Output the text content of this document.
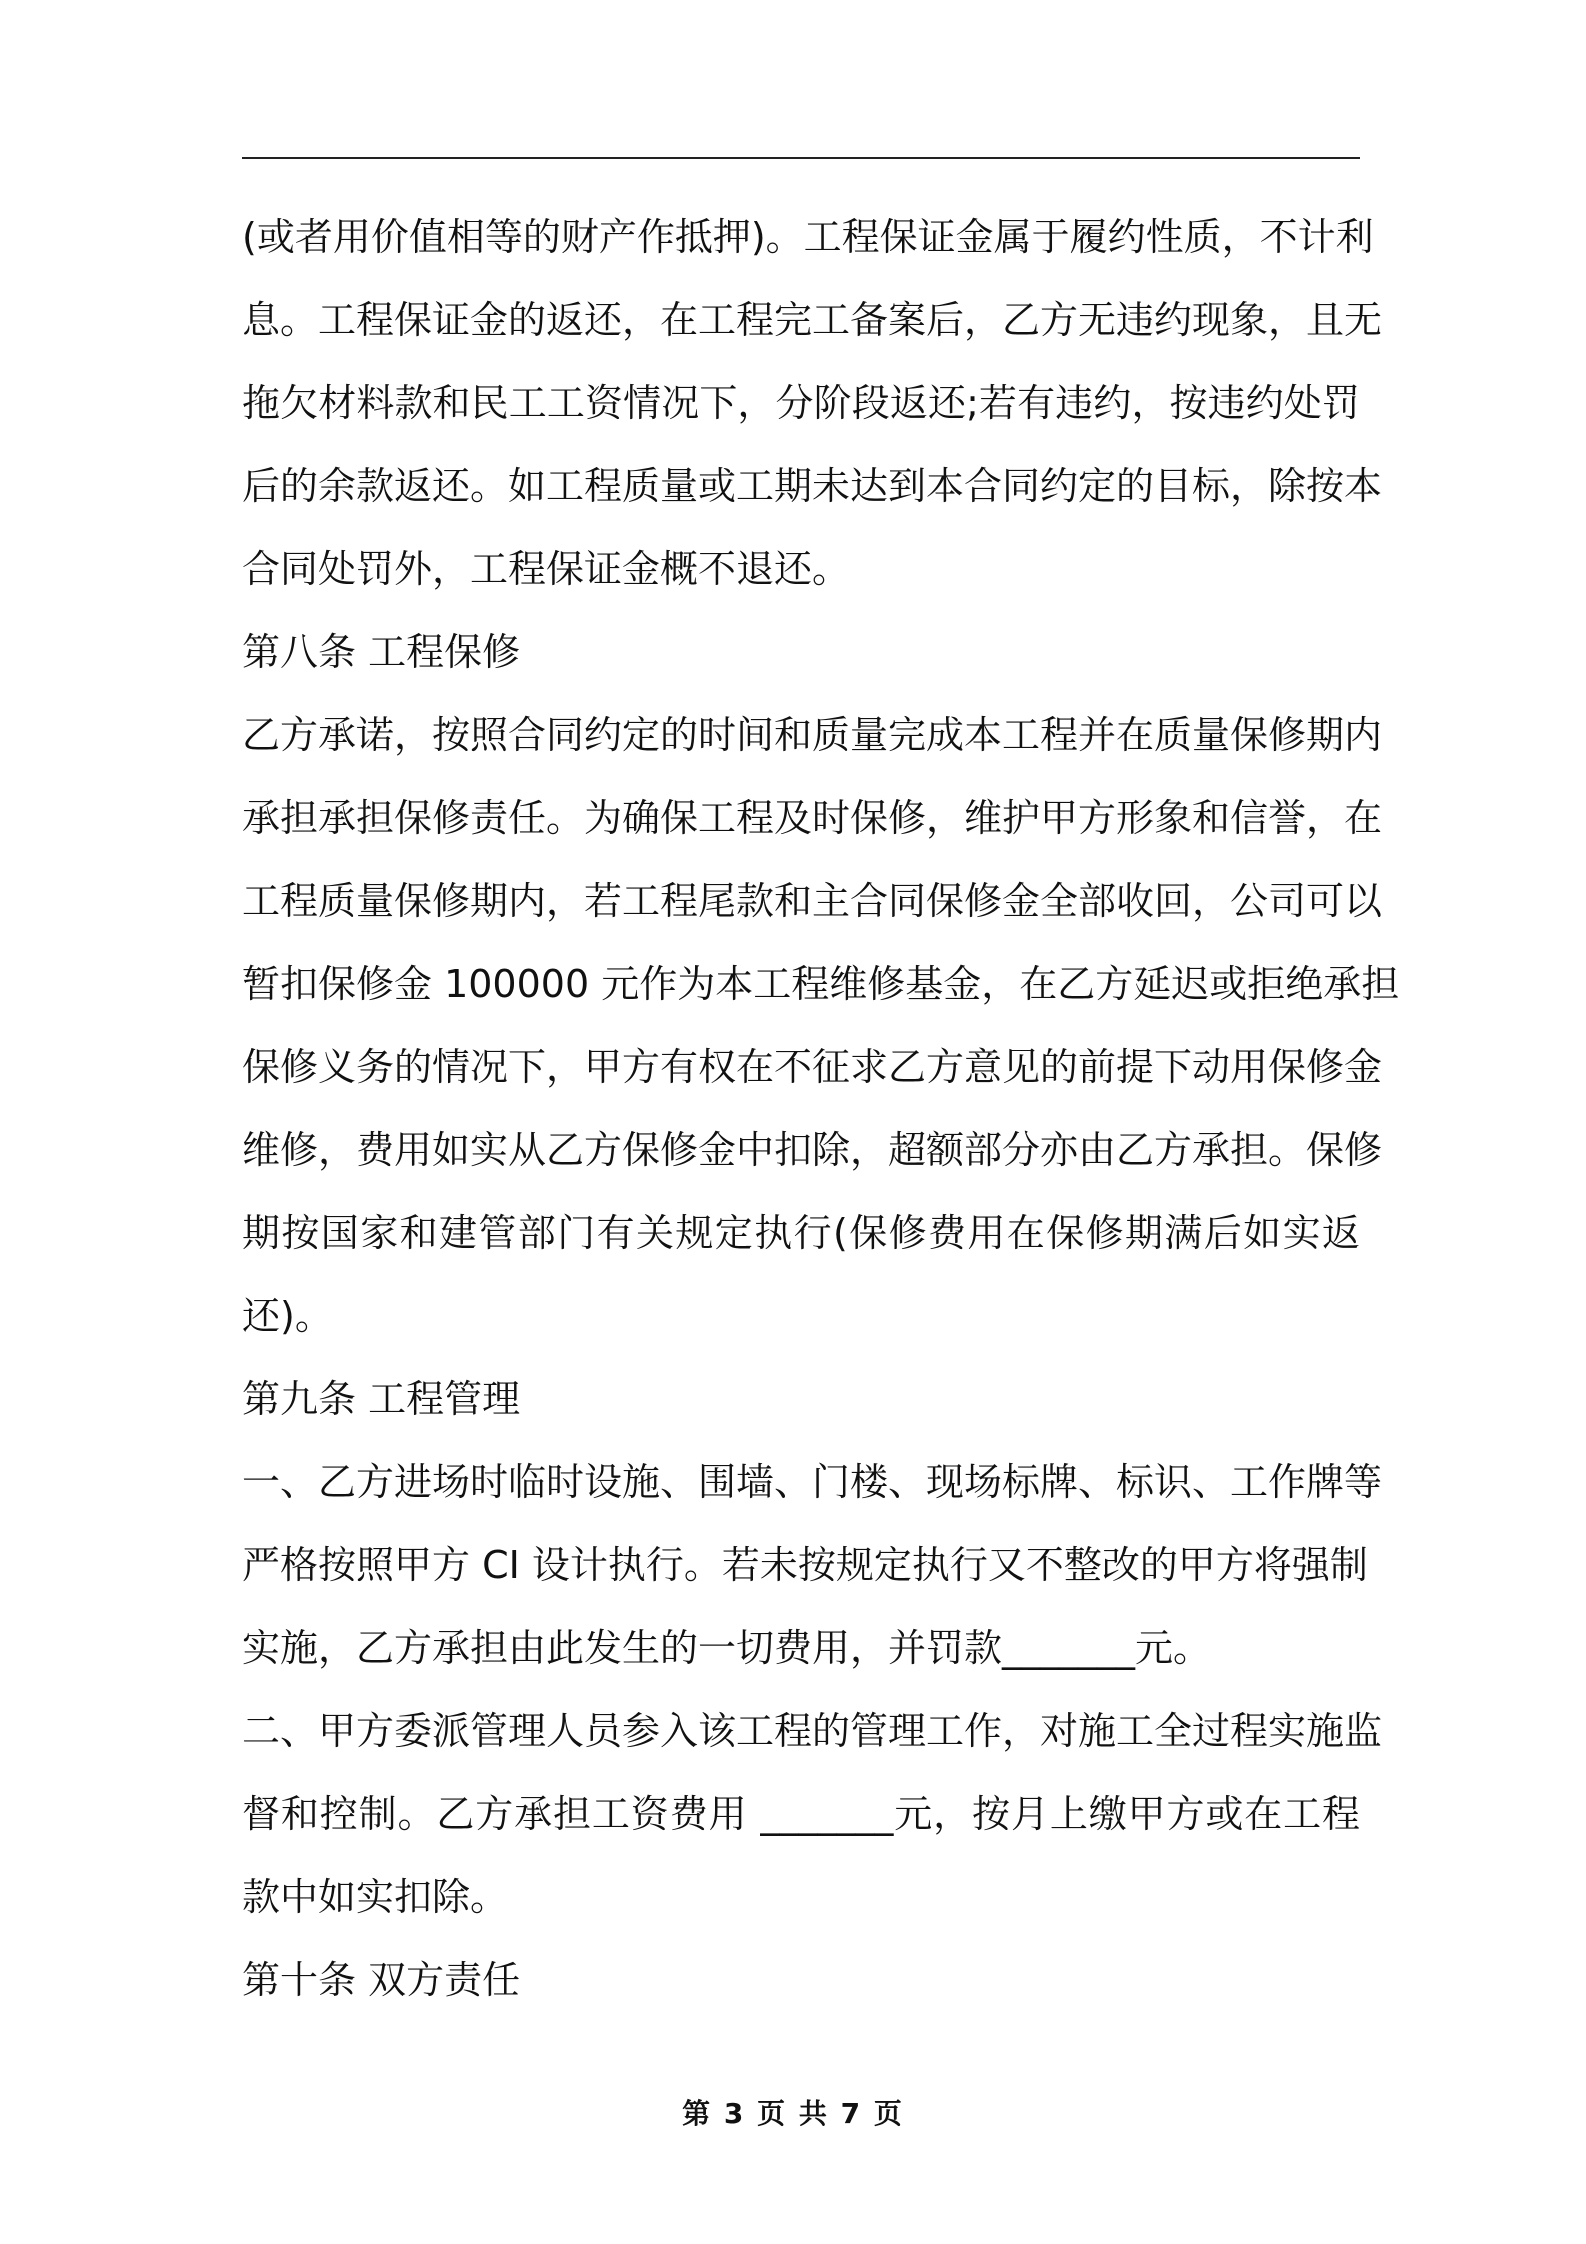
(或者用价值相等的财产作抵押)。工程保证金属于履约性质，不计利
息。工程保证金的返还，在工程完工备案后，乙方无违约现象，且无
拖欠材料款和民工工资情况下，分阶段返还;若有违约，按违约处罚
后的余款返还。如工程质量或工期未达到本合同约定的目标，除按本
合同处罚外，工程保证金概不退还。
第八条 工程保修
乙方承诺，按照合同约定的时间和质量完成本工程并在质量保修期内
承担承担保修责任。为确保工程及时保修，维护甲方形象和信誉，在
工程质量保修期内，若工程尾款和主合同保修金全部收回，公司可以
暂扣保修金 100000 元作为本工程维修基金，在乙方延迟或拒绝承担
保修义务的情况下，甲方有权在不征求乙方意见的前提下动用保修金
维修，费用如实从乙方保修金中扣除，超额部分亦由乙方承担。保修
期按国家和建管部门有关规定执行(保修费用在保修期满后如实返
还)。
第九条 工程管理
一、乙方进场时临时设施、围墙、门楼、现场标牌、标识、工作牌等
严格按照甲方 CI 设计执行。若未按规定执行又不整改的甲方将强制
实施，乙方承担由此发生的一切费用，并罚款_______元。
二、甲方委派管理人员参入该工程的管理工作，对施工全过程实施监
督和控制。乙方承担工资费用 _______元，按月上缴甲方或在工程
款中如实扣除。
第十条 双方责任
第 3 页 共 7 页
